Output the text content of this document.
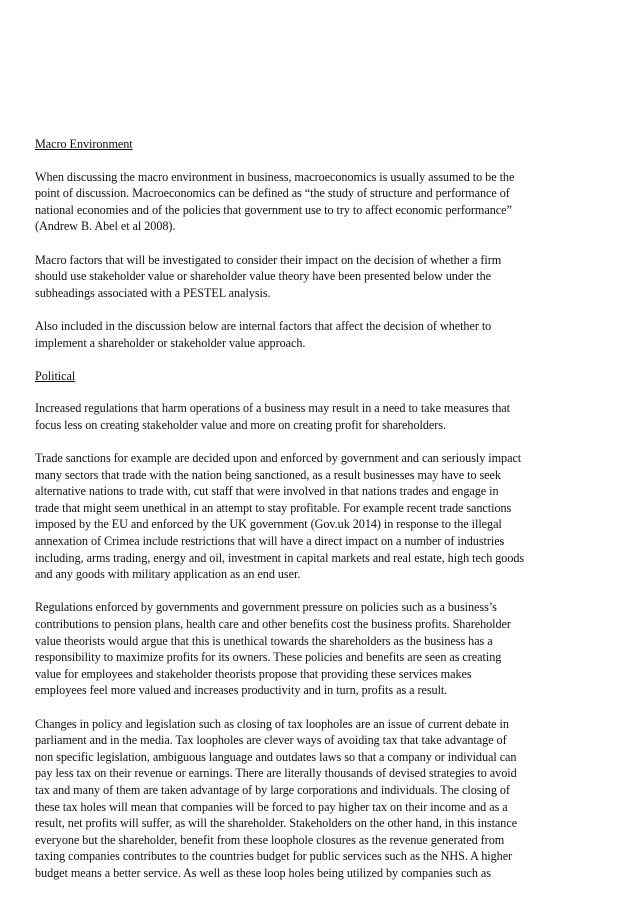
Macro Environment
When discussing the macro environment in business, macroeconomics is usually assumed to be the
point of discussion. Macroeconomics can be defined as “the study of structure and performance of
national economies and of the policies that government use to try to affect economic performance”
(Andrew B. Abel et al 2008).
Macro factors that will be investigated to consider their impact on the decision of whether a firm
should use stakeholder value or shareholder value theory have been presented below under the
subheadings associated with a PESTEL analysis.
Also included in the discussion below are internal factors that affect the decision of whether to
implement a shareholder or stakeholder value approach.
Political
Increased regulations that harm operations of a business may result in a need to take measures that
focus less on creating stakeholder value and more on creating profit for shareholders.
Trade sanctions for example are decided upon and enforced by government and can seriously impact
many sectors that trade with the nation being sanctioned, as a result businesses may have to seek
alternative nations to trade with, cut staff that were involved in that nations trades and engage in
trade that might seem unethical in an attempt to stay profitable. For example recent trade sanctions
imposed by the EU and enforced by the UK government (Gov.uk 2014) in response to the illegal
annexation of Crimea include restrictions that will have a direct impact on a number of industries
including, arms trading, energy and oil, investment in capital markets and real estate, high tech goods
and any goods with military application as an end user.
Regulations enforced by governments and government pressure on policies such as a business’s
contributions to pension plans, health care and other benefits cost the business profits. Shareholder
value theorists would argue that this is unethical towards the shareholders as the business has a
responsibility to maximize profits for its owners. These policies and benefits are seen as creating
value for employees and stakeholder theorists propose that providing these services makes
employees feel more valued and increases productivity and in turn, profits as a result.
Changes in policy and legislation such as closing of tax loopholes are an issue of current debate in
parliament and in the media. Tax loopholes are clever ways of avoiding tax that take advantage of
non specific legislation, ambiguous language and outdates laws so that a company or individual can
pay less tax on their revenue or earnings. There are literally thousands of devised strategies to avoid
tax and many of them are taken advantage of by large corporations and individuals. The closing of
these tax holes will mean that companies will be forced to pay higher tax on their income and as a
result, net profits will suffer, as will the shareholder. Stakeholders on the other hand, in this instance
everyone but the shareholder, benefit from these loophole closures as the revenue generated from
taxing companies contributes to the countries budget for public services such as the NHS. A higher
budget means a better service. As well as these loop holes being utilized by companies such as
